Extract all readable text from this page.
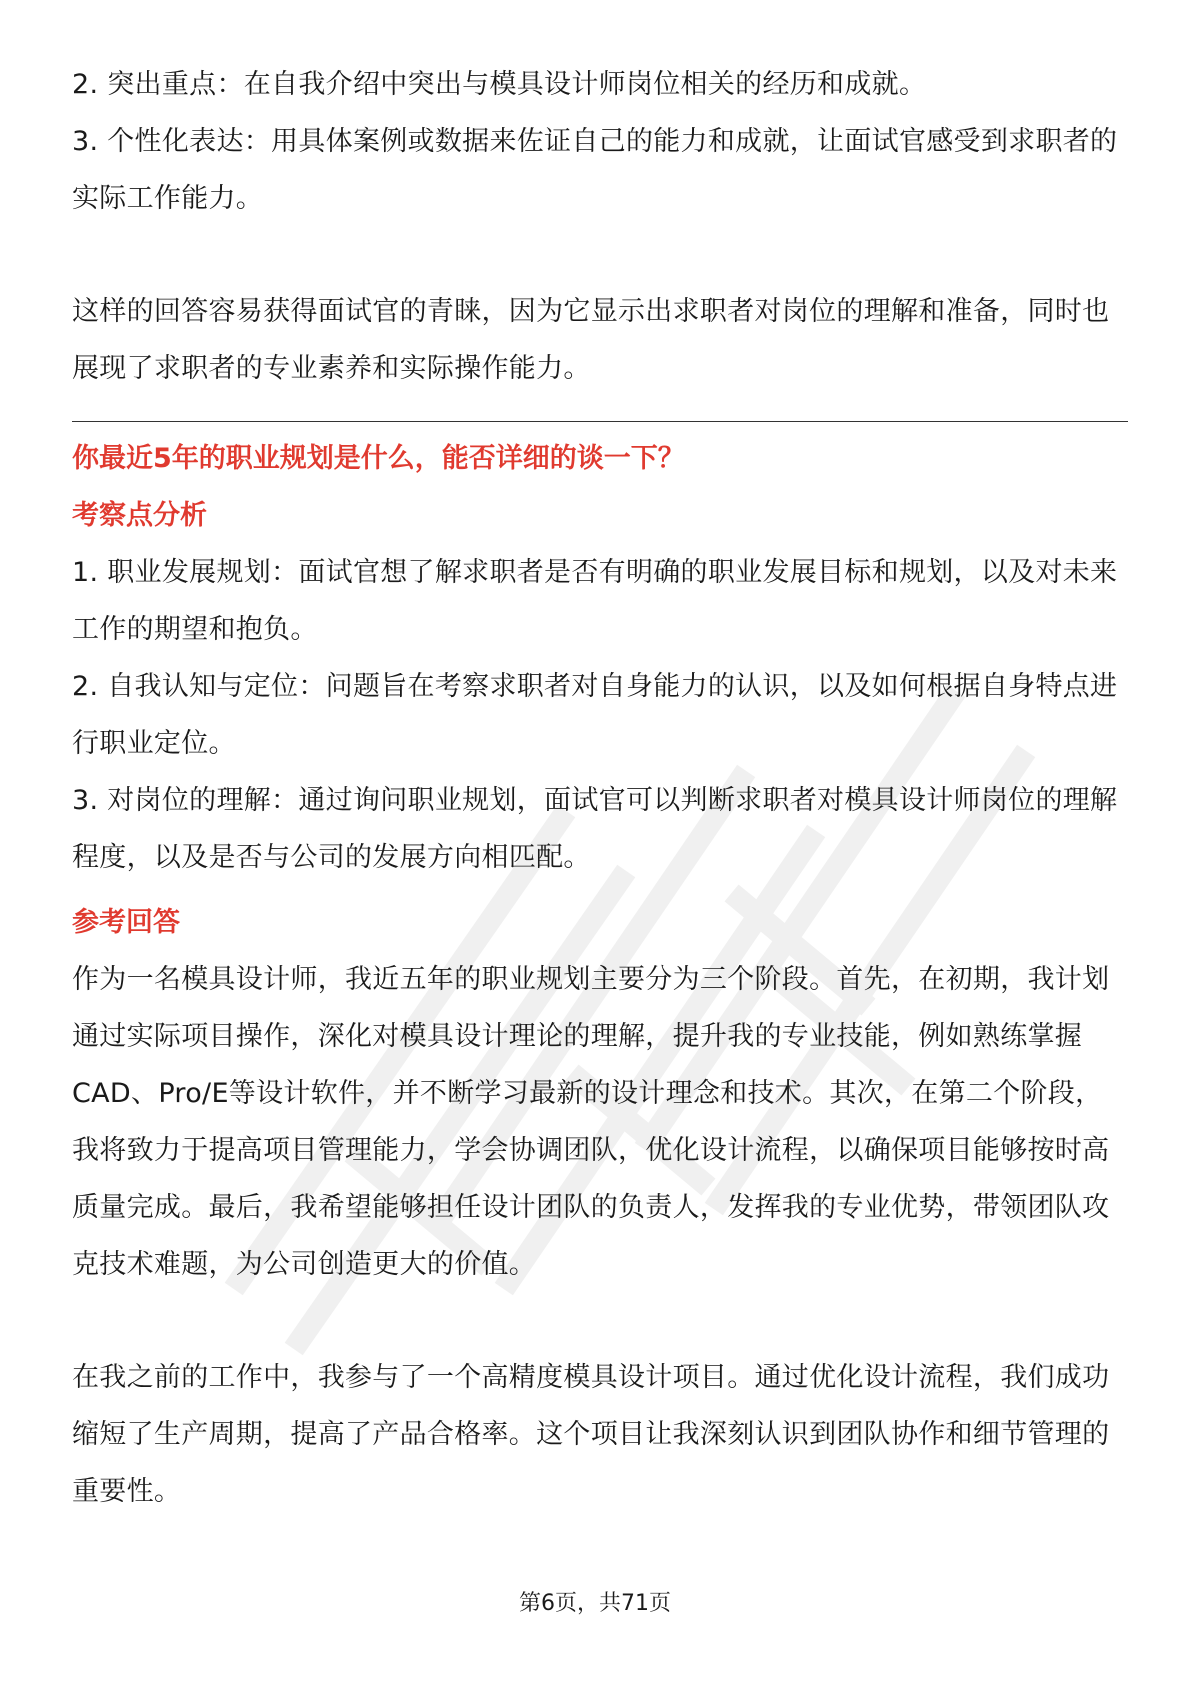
2. 突出重点：在自我介绍中突出与模具设计师岗位相关的经历和成就。

3. 个性化表达：用具体案例或数据来佐证自己的能力和成就，让面试官感受到求职者的实际工作能力。

这样的回答容易获得面试官的青睐，因为它显示出求职者对岗位的理解和准备，同时也展现了求职者的专业素养和实际操作能力。

你最近5年的职业规划是什么，能否详细的谈一下？

考察点分析

1. 职业发展规划：面试官想了解求职者是否有明确的职业发展目标和规划，以及对未来工作的期望和抱负。

2. 自我认知与定位：问题旨在考察求职者对自身能力的认识，以及如何根据自身特点进行职业定位。

3. 对岗位的理解：通过询问职业规划，面试官可以判断求职者对模具设计师岗位的理解程度，以及是否与公司的发展方向相匹配。

参考回答

作为一名模具设计师，我近五年的职业规划主要分为三个阶段。首先，在初期，我计划通过实际项目操作，深化对模具设计理论的理解，提升我的专业技能，例如熟练掌握CAD、Pro/E等设计软件，并不断学习最新的设计理念和技术。其次，在第二个阶段，我将致力于提高项目管理能力，学会协调团队，优化设计流程，以确保项目能够按时高质量完成。最后，我希望能够担任设计团队的负责人，发挥我的专业优势，带领团队攻克技术难题，为公司创造更大的价值。

在我之前的工作中，我参与了一个高精度模具设计项目。通过优化设计流程，我们成功缩短了生产周期，提高了产品合格率。这个项目让我深刻认识到团队协作和细节管理的重要性。

第6页，共71页
